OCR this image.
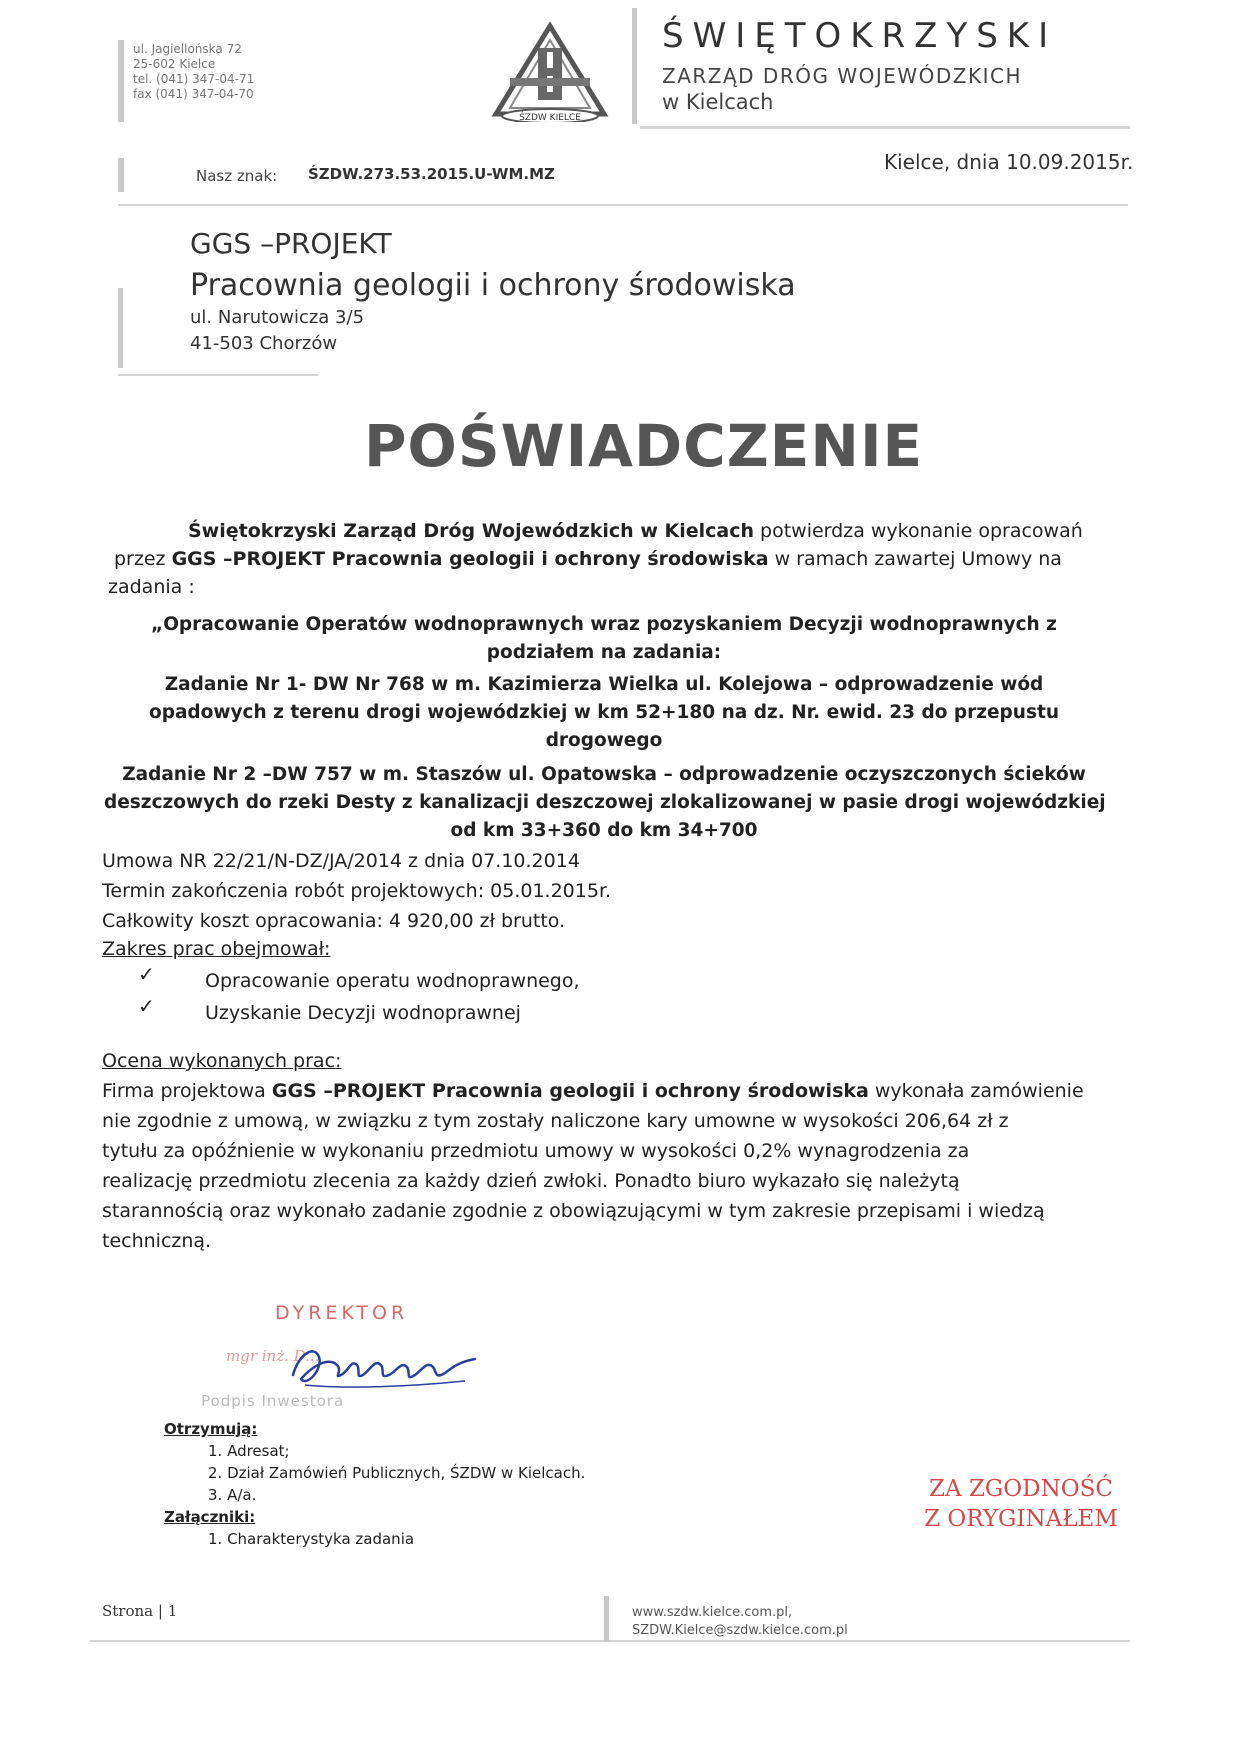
ul. Jagiellońska 72
25-602 Kielce
tel. (041) 347-04-71
fax (041) 347-04-70
ŚZDW KIELCE
ŚWIĘTOKRZYSKI
ZARZĄD DRÓG WOJEWÓDZKICH
w Kielcach
Nasz znak: ŚZDW.273.53.2015.U-WM.MZ	Kielce, dnia 10.09.2015r.
GGS –PROJEKT
Pracownia geologii i ochrony środowiska
ul. Narutowicza 3/5
41-503 Chorzów
POŚWIADCZENIE
Świętokrzyski Zarząd Dróg Wojewódzkich w Kielcach potwierdza wykonanie opracowań
przez GGS –PROJEKT Pracownia geologii i ochrony środowiska w ramach zawartej Umowy na
zadania :
„Opracowanie Operatów wodnoprawnych wraz pozyskaniem Decyzji wodnoprawnych z
podziałem na zadania:
Zadanie Nr 1- DW Nr 768 w m. Kazimierza Wielka ul. Kolejowa – odprowadzenie wód
opadowych z terenu drogi wojewódzkiej w km 52+180 na dz. Nr. ewid. 23 do przepustu
drogowego
Zadanie Nr 2 –DW 757 w m. Staszów ul. Opatowska – odprowadzenie oczyszczonych ścieków
deszczowych do rzeki Desty z kanalizacji deszczowej zlokalizowanej w pasie drogi wojewódzkiej
od km 33+360 do km 34+700
Umowa NR 22/21/N-DZ/JA/2014 z dnia 07.10.2014
Termin zakończenia robót projektowych: 05.01.2015r.
Całkowity koszt opracowania: 4 920,00 zł brutto.
Zakres prac obejmował:
✓	Opracowanie operatu wodnoprawnego,
✓	Uzyskanie Decyzji wodnoprawnej
Ocena wykonanych prac:
Firma projektowa GGS –PROJEKT Pracownia geologii i ochrony środowiska wykonała zamówienie
nie zgodnie z umową, w związku z tym zostały naliczone kary umowne w wysokości 206,64 zł z
tytułu za opóźnienie w wykonaniu przedmiotu umowy w wysokości 0,2% wynagrodzenia za
realizację przedmiotu zlecenia za każdy dzień zwłoki. Ponadto biuro wykazało się należytą
starannością oraz wykonało zadanie zgodnie z obowiązującymi w tym zakresie przepisami i wiedzą
techniczną.
DYREKTOR
mgr inż. D...
Podpis Inwestora
Otrzymują:
1. Adresat;
2. Dział Zamówień Publicznych, ŚZDW w Kielcach.
3. A/a.
Załączniki:
1. Charakterystyka zadania
ZA ZGODNOŚĆ
Z ORYGINAŁEM
Strona | 1	www.szdw.kielce.com.pl,
SZDW.Kielce@szdw.kielce.com.pl
